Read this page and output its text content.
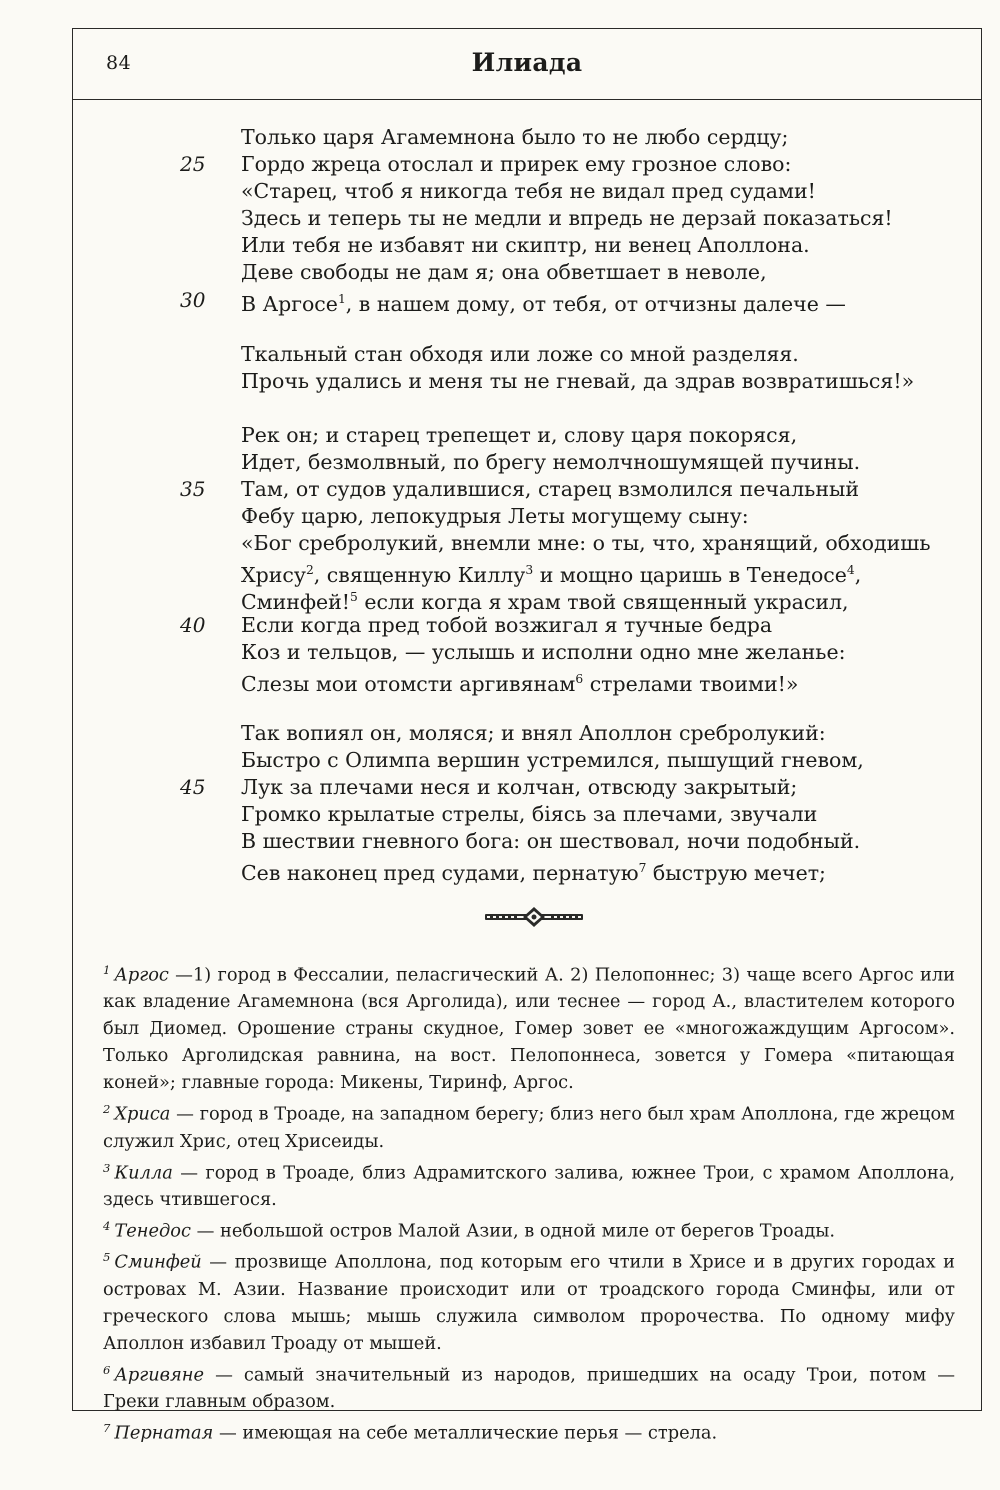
84	Илиада
Только царя Агамемнона было то не любо сердцу;
25 Гордо жреца отослал и прирек ему грозное слово:
«Старец, чтоб я никогда тебя не видал пред судами!
Здесь и теперь ты не медли и впредь не дерзай показаться!
Или тебя не избавят ни скиптр, ни венец Аполлона.
Деве свободы не дам я; она обветшает в неволе,
30 В Аргосе$^1$, в нашем дому, от тебя, от отчизны далече —
Ткальный стан обходя или ложе со мной разделяя.
Прочь удались и меня ты не гневай, да здрав возвратишься!»
Рек он; и старец трепещет и, слову царя покоряся,
Идет, безмолвный, по брегу немолчношумящей пучины.
35 Там, от судов удалившися, старец взмолился печальный
Фебу царю, лепокудрыя Леты могущему сыну:
«Бог сребролукий, внемли мне: о ты, что, хранящий, обходишь
Хрису$^2$, священную Киллу$^3$ и мощно царишь в Тенедосе$^4$,
Сминфей!$^5$ если когда я храм твой священный украсил,
40 Если когда пред тобой возжигал я тучные бедра
Коз и тельцов, — услышь и исполни одно мне желанье:
Слезы мои отомсти аргивянам$^6$ стрелами твоими!»
Так вопиял он, моляся; и внял Аполлон сребролукий:
Быстро с Олимпа вершин устремился, пышущий гневом,
45 Лук за плечами неся и колчан, отвсюду закрытый;
Громко крылатые стрелы, біясь за плечами, звучали
В шествии гневного бога: он шествовал, ночи подобный.
Сев наконец пред судами, пернатую$^7$ быструю мечет;

$^1$ Аргос —1) город в Фессалии, пеласгический А. 2) Пелопоннес; 3) чаще всего Аргос или как владение Агамемнона (вся Арголида), или теснее — город А., властителем которого был Диомед. Орошение страны скудное, Гомер зовет ее «многожаждущим Аргосом». Только Арголидская равнина, на вост. Пелопоннеса, зовется у Гомера «питающая коней»; главные города: Микены, Тиринф, Аргос.

$^2$ Хриса — город в Троаде, на западном берегу; близ него был храм Аполлона, где жрецом служил Хрис, отец Хрисеиды.

$^3$ Килла — город в Троаде, близ Адрамитского залива, южнее Трои, с храмом Аполлона, здесь чтившегося.

$^4$ Тенедос — небольшой остров Малой Азии, в одной миле от берегов Троады.

$^5$ Сминфей — прозвище Аполлона, под которым его чтили в Хрисе и в других городах и островах М. Азии. Название происходит или от троадского города Сминфы, или от греческого слова мышь; мышь служила символом пророчества. По одному мифу Аполлон избавил Троаду от мышей.

$^6$ Аргивяне — самый значительный из народов, пришедших на осаду Трои, потом — Греки главным образом.

$^7$ Пернатая — имеющая на себе металлические перья — стрела.
